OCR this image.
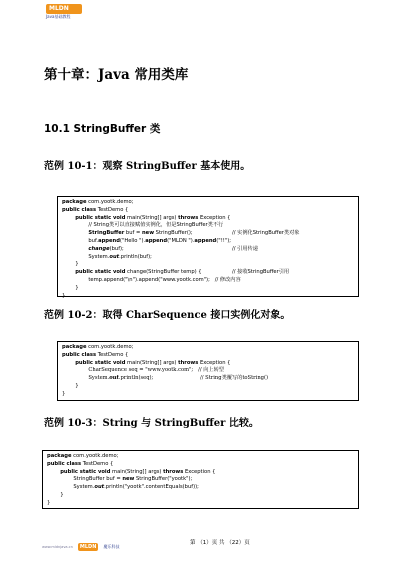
MLDN
Java基础教程
第十章：Java 常用类库
10.1 StringBuffer 类
范例 10-1：观察 StringBuffer 基本使用。
package com.yootk.demo;
public class TestDemo {
public static void main(String[] args) throws Exception {
// String类可以直接赋值实例化，但是StringBuffer类不行
StringBuffer buf = new StringBuffer();	// 实例化StringBuffer类对象
buf.append("Hello ").append("MLDN ").append("!!");
change(buf);	// 引用传递
System.out.println(buf);
}
public static void change(StringBuffer temp) {	// 接收StringBuffer引用
temp.append("\n").append("www.yootk.com");   // 修改内容
}
}
范例 10-2：取得 CharSequence 接口实例化对象。
package com.yootk.demo;
public class TestDemo {
public static void main(String[] args) throws Exception {
CharSequence seq = "www.yootk.com";   // 向上转型
System.out.println(seq);	// String类覆写的toString()
}
}
范例 10-3：String 与 StringBuffer 比较。
package com.yootk.demo;
public class TestDemo {
public static void main(String[] args) throws Exception {
StringBuffer buf = new StringBuffer("yootk");
System.out.println("yootk".contentEquals(buf));
}
}
www.mldnjava.cn MLDN 魔乐科技	第 （1）页 共 （22）页
